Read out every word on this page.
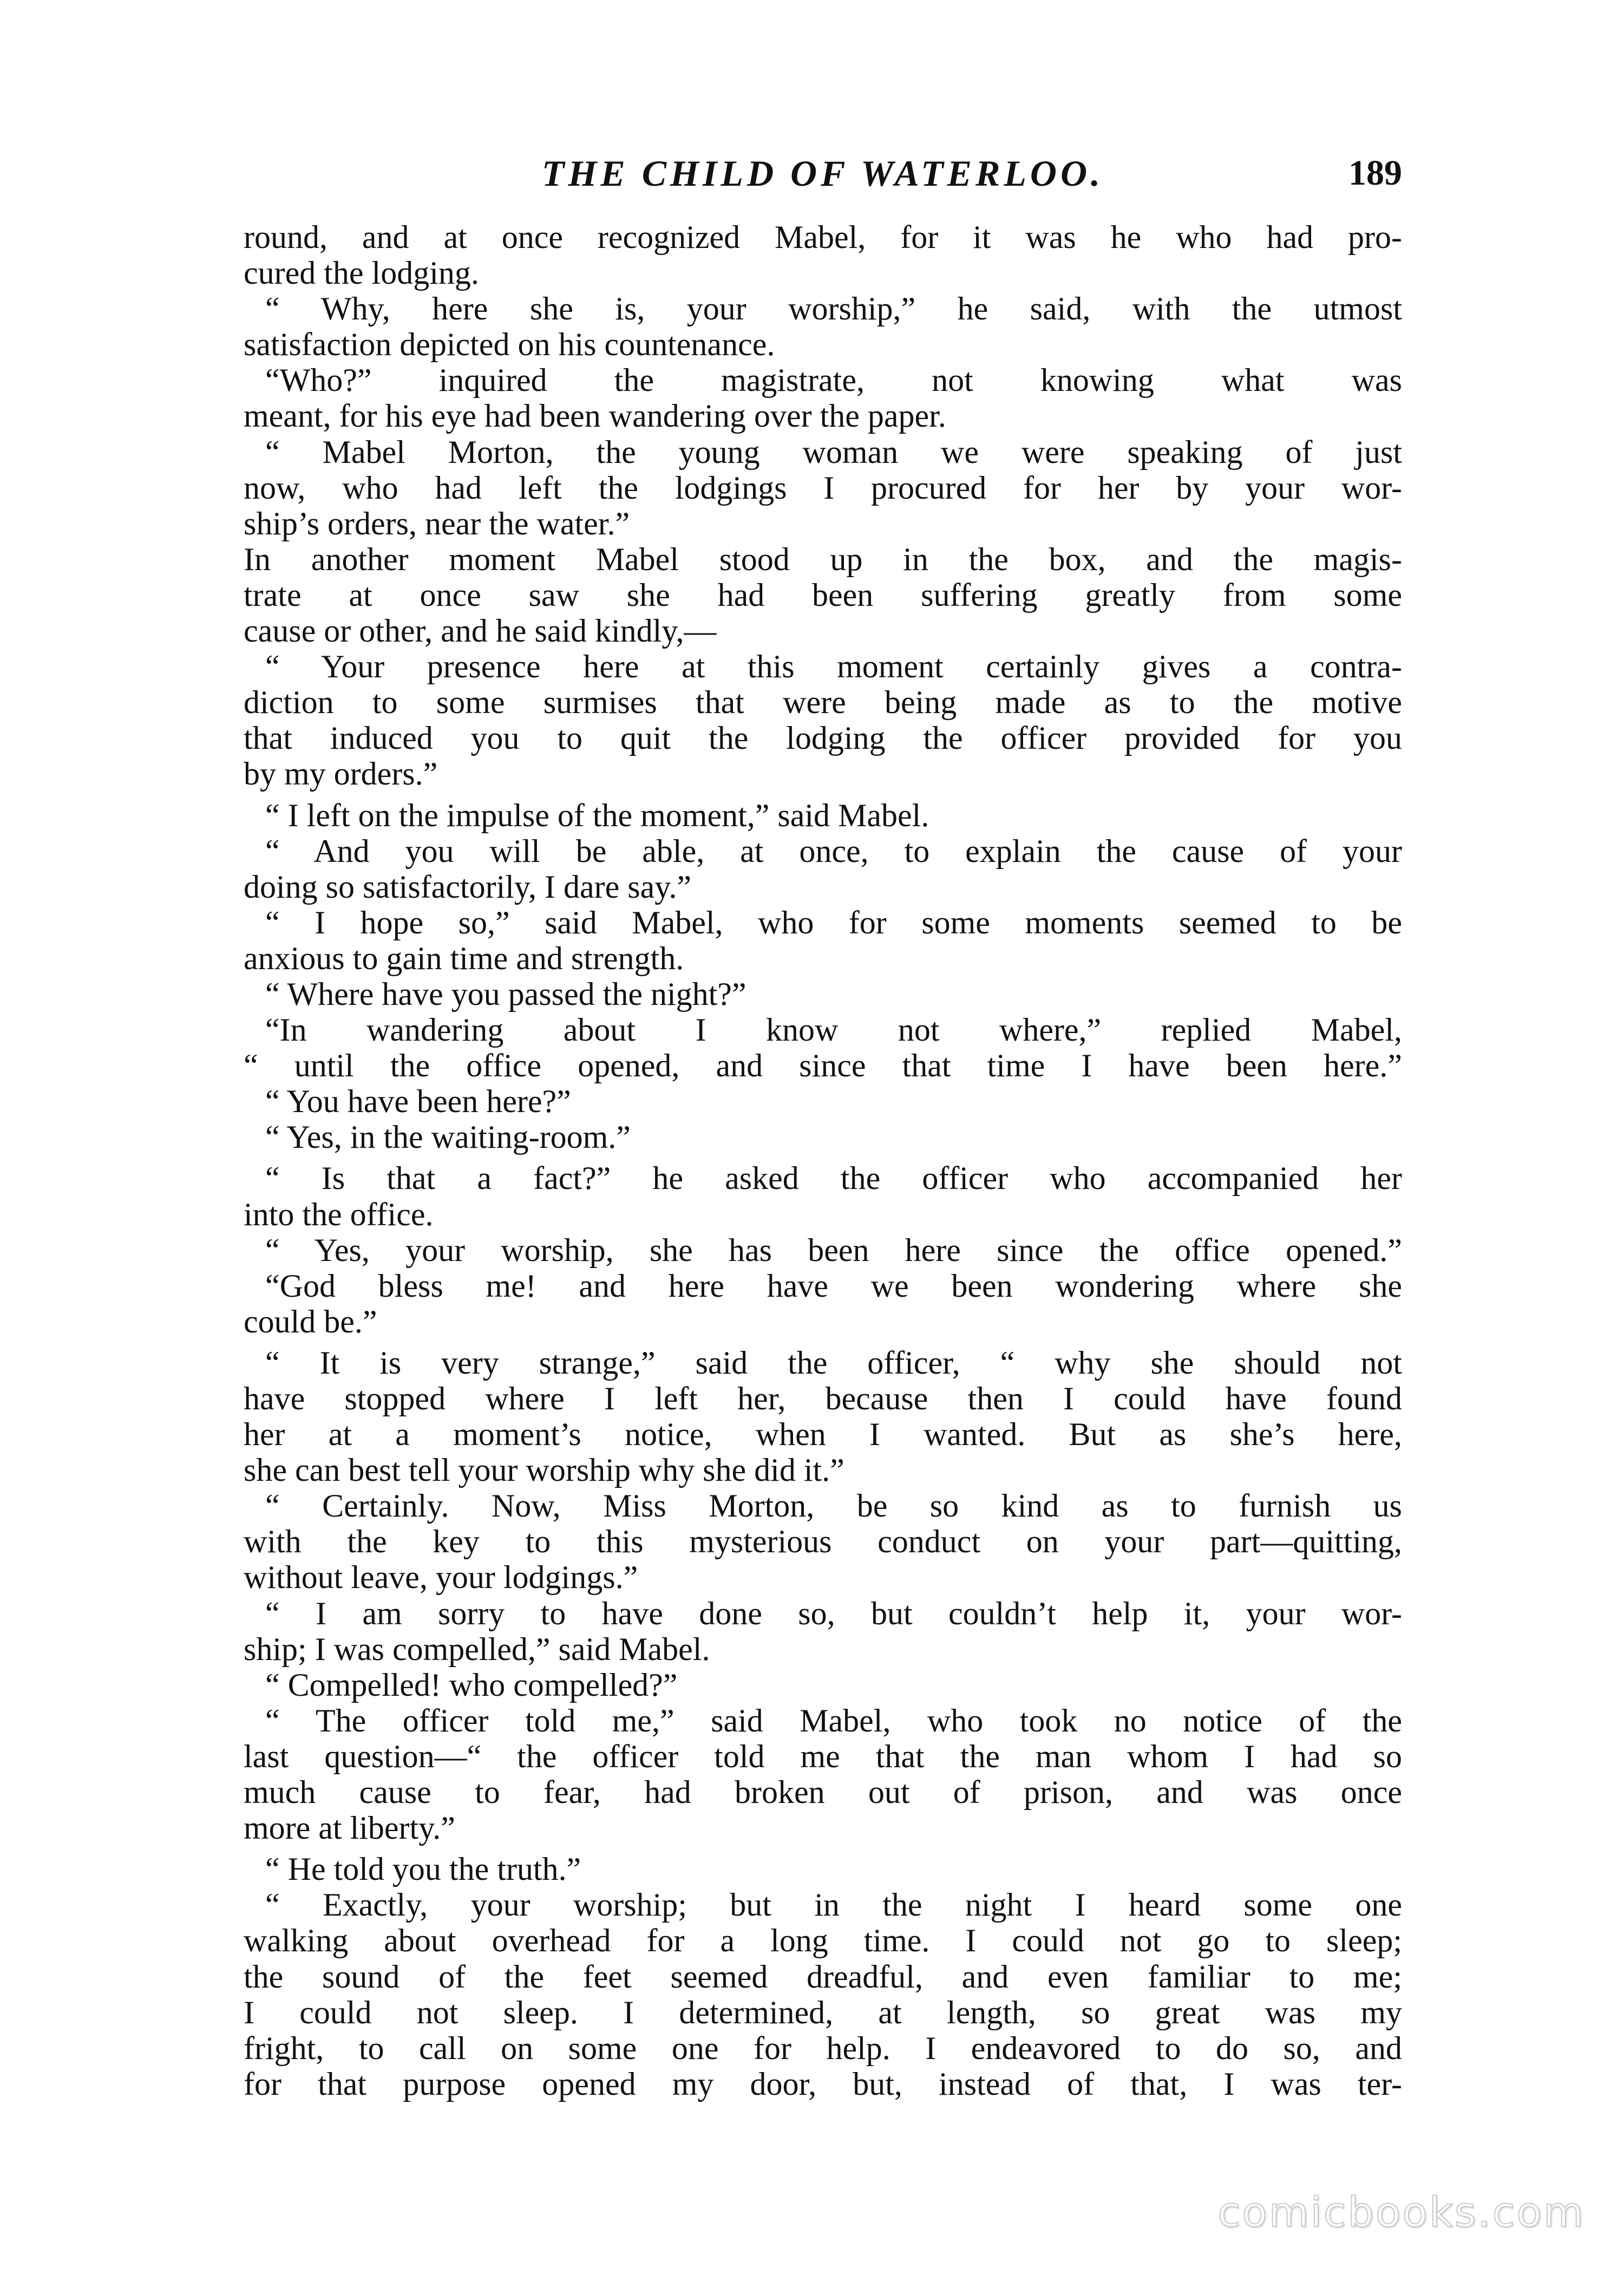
THE CHILD OF WATERLOO.	189
round, and at once recognized Mabel, for it was he who had pro-
cured the lodging.
“ Why, here she is, your worship,” he said, with the utmost
satisfaction depicted on his countenance.
“Who?” inquired the magistrate, not knowing what was
meant, for his eye had been wandering over the paper.
“ Mabel Morton, the young woman we were speaking of just
now, who had left the lodgings I procured for her by your wor-
ship’s orders, near the water.”
In another moment Mabel stood up in the box, and the magis-
trate at once saw she had been suffering greatly from some
cause or other, and he said kindly,—
“ Your presence here at this moment certainly gives a contra-
diction to some surmises that were being made as to the motive
that induced you to quit the lodging the officer provided for you
by my orders.”
“ I left on the impulse of the moment,” said Mabel.
“ And you will be able, at once, to explain the cause of your
doing so satisfactorily, I dare say.”
“ I hope so,” said Mabel, who for some moments seemed to be
anxious to gain time and strength.
“ Where have you passed the night?”
“In wandering about I know not where,” replied Mabel,
“ until the office opened, and since that time I have been here.”
“ You have been here?”
“ Yes, in the waiting-room.”
“ Is that a fact?” he asked the officer who accompanied her
into the office.
“ Yes, your worship, she has been here since the office opened.”
“God bless me! and here have we been wondering where she
could be.”
“ It is very strange,” said the officer, “ why she should not
have stopped where I left her, because then I could have found
her at a moment’s notice, when I wanted. But as she’s here,
she can best tell your worship why she did it.”
“ Certainly. Now, Miss Morton, be so kind as to furnish us
with the key to this mysterious conduct on your part—quitting,
without leave, your lodgings.”
“ I am sorry to have done so, but couldn’t help it, your wor-
ship; I was compelled,” said Mabel.
“ Compelled! who compelled?”
“ The officer told me,” said Mabel, who took no notice of the
last question—“ the officer told me that the man whom I had so
much cause to fear, had broken out of prison, and was once
more at liberty.”
“ He told you the truth.”
“ Exactly, your worship; but in the night I heard some one
walking about overhead for a long time. I could not go to sleep;
the sound of the feet seemed dreadful, and even familiar to me;
I could not sleep. I determined, at length, so great was my
fright, to call on some one for help. I endeavored to do so, and
for that purpose opened my door, but, instead of that, I was ter-
comicbooks.com
